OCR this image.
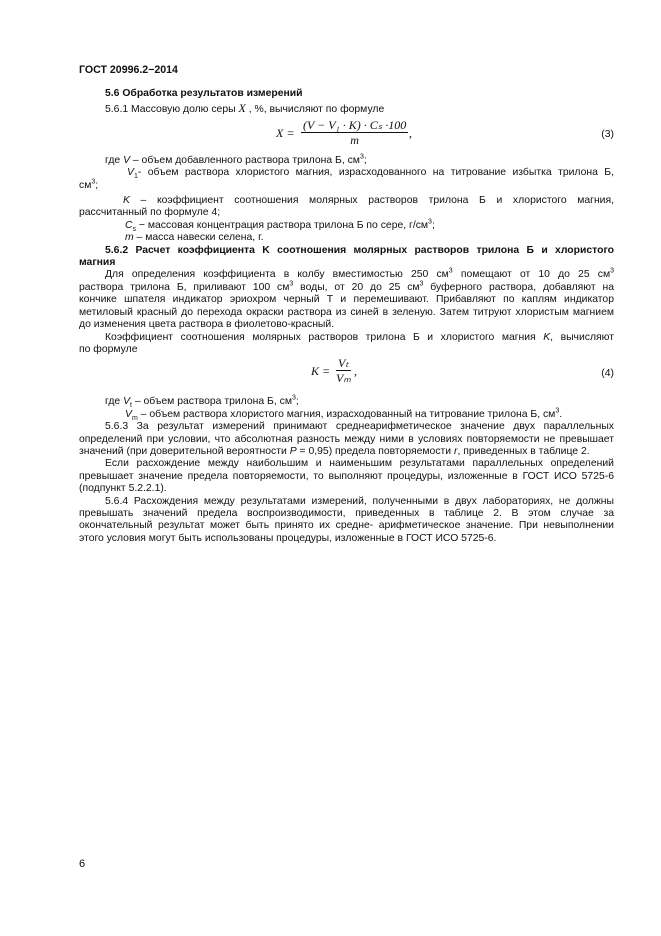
ГОСТ 20996.2−2014

5.6 Обработка результатов измерений

5.6.1 Массовую долю серы X , %, вычисляют по формуле

$X = \frac{\text{(V − V₁ · K) · Cₛ ·100}}{m}$ ,	(3)

где V – объем добавленного раствора трилона Б, $см^3$;

$V_1-$ объем раствора хлористого магния, израсходованного на титрование избытка трилона Б,

$см^3$;

K – коэффициент соотношения молярных растворов трилона Б и хлористого магния,

рассчитанный по формуле 4;

$C_s$ − массовая концентрация раствора трилона Б по сере, $г/см^3$;

m – масса навески селена, г.

5.6.2 Расчет коэффициента K соотношения молярных растворов трилона Б и хлористого

магния

Для определения коэффициента в колбу вместимостью 250 $см^3$ помещают от 10 до 25 $см^3$

раствора трилона Б, приливают 100 $см^3$ воды, от 20 до 25 $см^3$ буферного раствора, добавляют на

кончике шпателя индикатор эриохром черный Т и перемешивают. Прибавляют по каплям индикатор метиловый красный до перехода окраски раствора из синей в зеленую. Затем титруют хлористым магнием до изменения цвета раствора в фиолетово-красный.

Коэффициент соотношения молярных растворов трилона Б и хлористого магния K, вычисляют

по формуле

$K = \frac{\text{Vₜ}}{\text{Vₘ}}$ ,	(4)

где $V_t$ – объем раствора трилона Б, $см^3$;

$V_m$ – объем раствора хлористого магния, израсходованный на титрование трилона Б, $см^3$.

5.6.3 За результат измерений принимают среднеарифметическое значение двух параллельных определений при условии, что абсолютная разность между ними в условиях повторяемости не превышает значений (при доверительной вероятности P = 0,95) предела повторяемости r, приведенных в таблице 2.

Если расхождение между наибольшим и наименьшим результатами параллельных определений превышает значение предела повторяемости, то выполняют процедуры, изложенные в ГОСТ ИСО 5725-6 (подпункт 5.2.2.1).

5.6.4 Расхождения между результатами измерений, полученными в двух лабораториях, не должны превышать значений предела воспроизводимости, приведенных в таблице 2. В этом случае за окончательный результат может быть принято их средне- арифметическое значение. При невыполнении этого условия могут быть использованы процедуры, изложенные в ГОСТ ИСО 5725-6.

6
